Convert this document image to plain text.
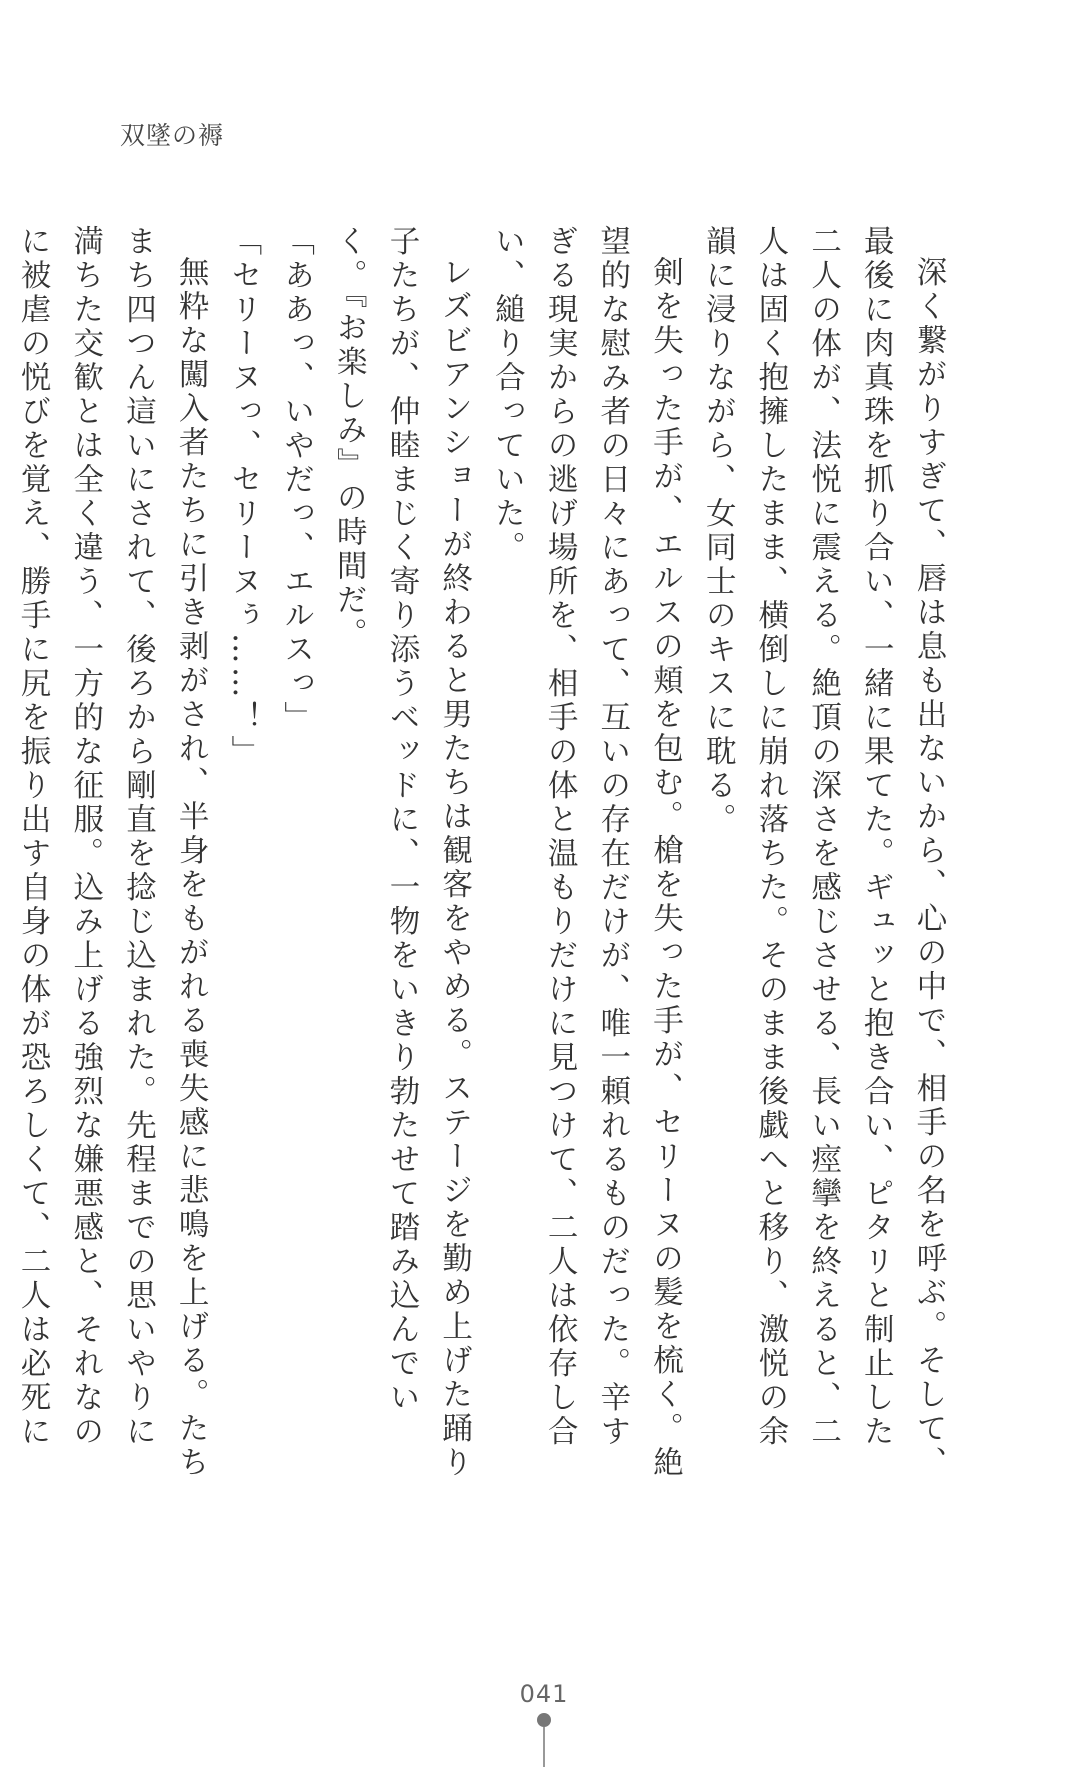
双墜の褥

深く繋がりすぎて、唇は息も出ないから、心の中で、相手の名を呼ぶ。そして、最後に肉真珠を抓り合い、一緒に果てた。ギュッと抱き合い、ピタリと制止した二人の体が、法悦に震える。絶頂の深さを感じさせる、長い痙攣を終えると、二人は固く抱擁したまま、横倒しに崩れ落ちた。そのまま後戯へと移り、激悦の余韻に浸りながら、女同士のキスに耽る。

剣を失った手が、エルスの頬を包む。槍を失った手が、セリーヌの髪を梳く。絶望的な慰み者の日々にあって、互いの存在だけが、唯一頼れるものだった。辛すぎる現実からの逃げ場所を、相手の体と温もりだけに見つけて、二人は依存し合い、縋り合っていた。

レズビアンショーが終わると男たちは観客をやめる。ステージを勤め上げた踊り子たちが、仲睦まじく寄り添うベッドに、一物をいきり勃たせて踏み込んでいく。『お楽しみ』の時間だ。

「ああっ、いやだっ、エルスっ」

「セリーヌっ、セリーヌぅ……！」

無粋な闖入者たちに引き剥がされ、半身をもがれる喪失感に悲鳴を上げる。たちまち四つん這いにされて、後ろから剛直を捻じ込まれた。先程までの思いやりに満ちた交歓とは全く違う、一方的な征服。込み上げる強烈な嫌悪感と、それなのに被虐の悦びを覚え、勝手に尻を振り出す自身の体が恐ろしくて、二人は必死に

041
